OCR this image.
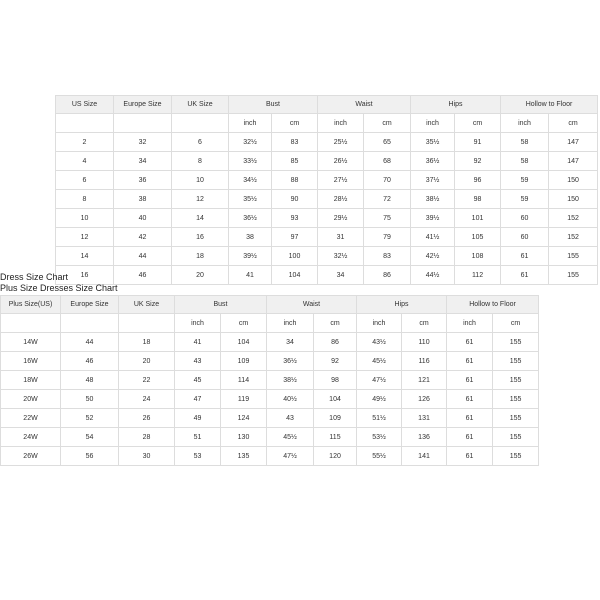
US Size	Europe Size	UK Size	Bust		Waist		Hips		Hollow to Floor	
			inch	cm	inch	cm	inch	cm	inch	cm
2	32	6	32½	83	25½	65	35½	91	58	147
4	34	8	33½	85	26½	68	36½	92	58	147
6	36	10	34½	88	27½	70	37½	96	59	150
8	38	12	35½	90	28½	72	38½	98	59	150
10	40	14	36½	93	29½	75	39½	101	60	152
12	42	16	38	97	31	79	41½	105	60	152
14	44	18	39½	100	32½	83	42½	108	61	155
16	46	20	41	104	34	86	44½	112	61	155
Dress Size Chart
Plus Size Dresses Size Chart
Plus Size(US)	Europe Size	UK Size	Bust		Waist		Hips		Hollow to Floor	
			inch	cm	inch	cm	inch	cm	inch	cm
14W	44	18	41	104	34	86	43½	110	61	155
16W	46	20	43	109	36½	92	45½	116	61	155
18W	48	22	45	114	38½	98	47½	121	61	155
20W	50	24	47	119	40½	104	49½	126	61	155
22W	52	26	49	124	43	109	51½	131	61	155
24W	54	28	51	130	45½	115	53½	136	61	155
26W	56	30	53	135	47½	120	55½	141	61	155
